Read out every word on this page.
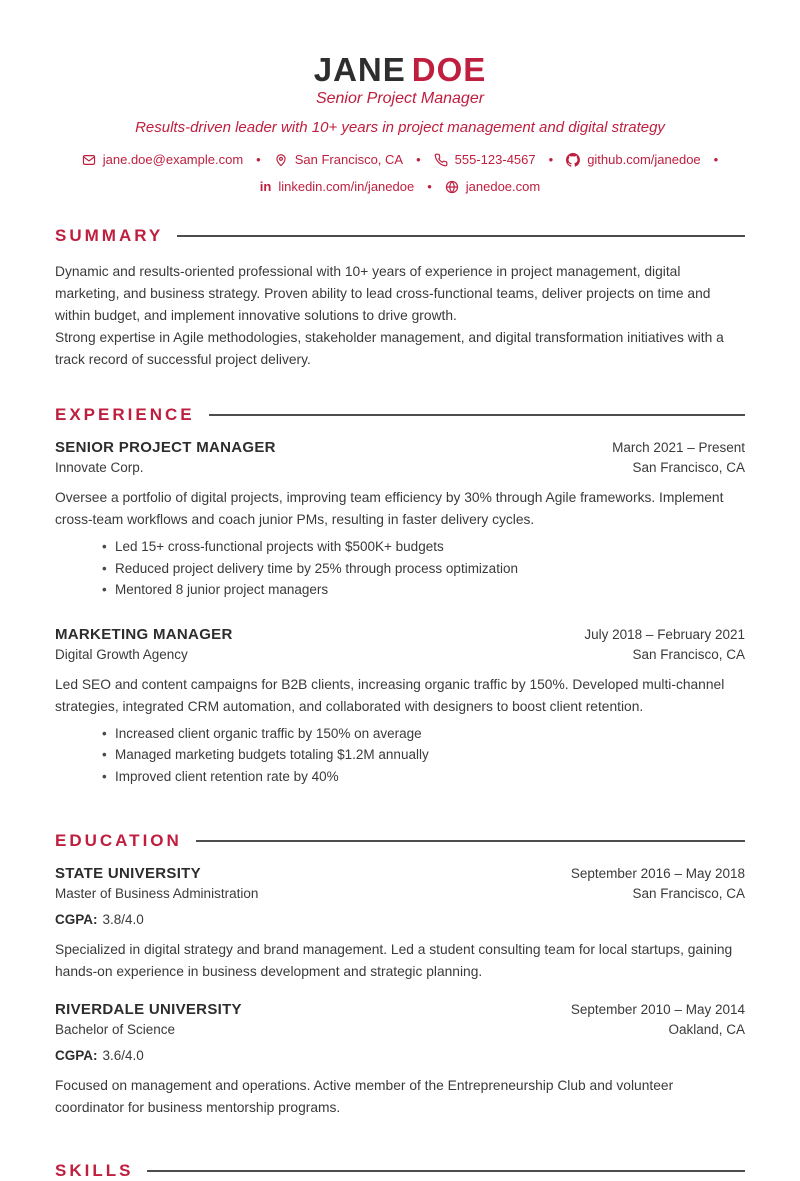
JANE DOE
Senior Project Manager
Results-driven leader with 10+ years in project management and digital strategy
jane.doe@example.com •	San Francisco, CA •	555-123-4567 •	github.com/janedoe •
in linkedin.com/in/janedoe •	janedoe.com
SUMMARY

Dynamic and results-oriented professional with 10+ years of experience in project management, digital marketing, and business strategy. Proven ability to lead cross-functional teams, deliver projects on time and within budget, and implement innovative solutions to drive growth.

Strong expertise in Agile methodologies, stakeholder management, and digital transformation initiatives with a track record of successful project delivery.

EXPERIENCE
SENIOR PROJECT MANAGER	March 2021 – Present
Innovate Corp.	San Francisco, CA

Oversee a portfolio of digital projects, improving team efficiency by 30% through Agile frameworks. Implement cross-team workflows and coach junior PMs, resulting in faster delivery cycles.

• Led 15+ cross-functional projects with $500K+ budgets
• Reduced project delivery time by 25% through process optimization
• Mentored 8 junior project managers
MARKETING MANAGER	July 2018 – February 2021
Digital Growth Agency	San Francisco, CA

Led SEO and content campaigns for B2B clients, increasing organic traffic by 150%. Developed multi-channel strategies, integrated CRM automation, and collaborated with designers to boost client retention.

• Increased client organic traffic by 150% on average
• Managed marketing budgets totaling $1.2M annually
• Improved client retention rate by 40%
EDUCATION
STATE UNIVERSITY	September 2016 – May 2018
Master of Business Administration	San Francisco, CA
CGPA: 3.8/4.0

Specialized in digital strategy and brand management. Led a student consulting team for local startups, gaining hands-on experience in business development and strategic planning.

RIVERDALE UNIVERSITY	September 2010 – May 2014
Bachelor of Science	Oakland, CA
CGPA: 3.6/4.0

Focused on management and operations. Active member of the Entrepreneurship Club and volunteer coordinator for business mentorship programs.

SKILLS
